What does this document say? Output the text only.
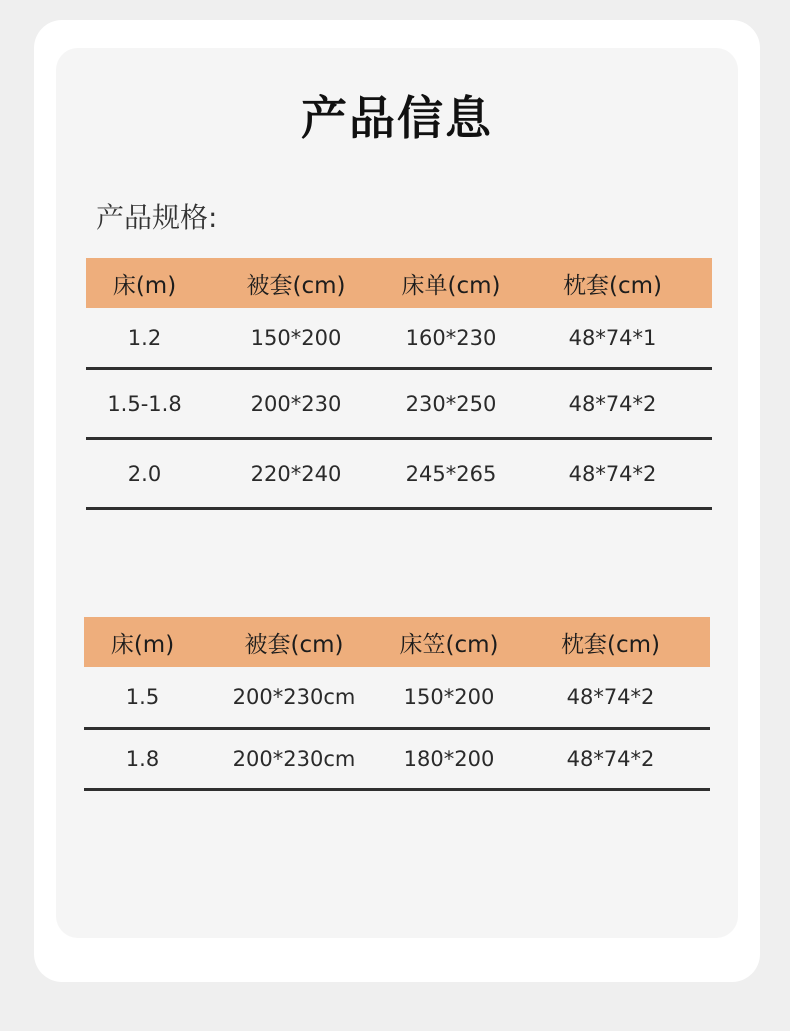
产品信息
产品规格:
床(m)	被套(cm)	床单(cm)	枕套(cm)
1.2	150*200	160*230	48*74*1
1.5-1.8	200*230	230*250	48*74*2
2.0	220*240	245*265	48*74*2
床(m)	被套(cm)	床笠(cm)	枕套(cm)
1.5	200*230cm	150*200	48*74*2
1.8	200*230cm	180*200	48*74*2
